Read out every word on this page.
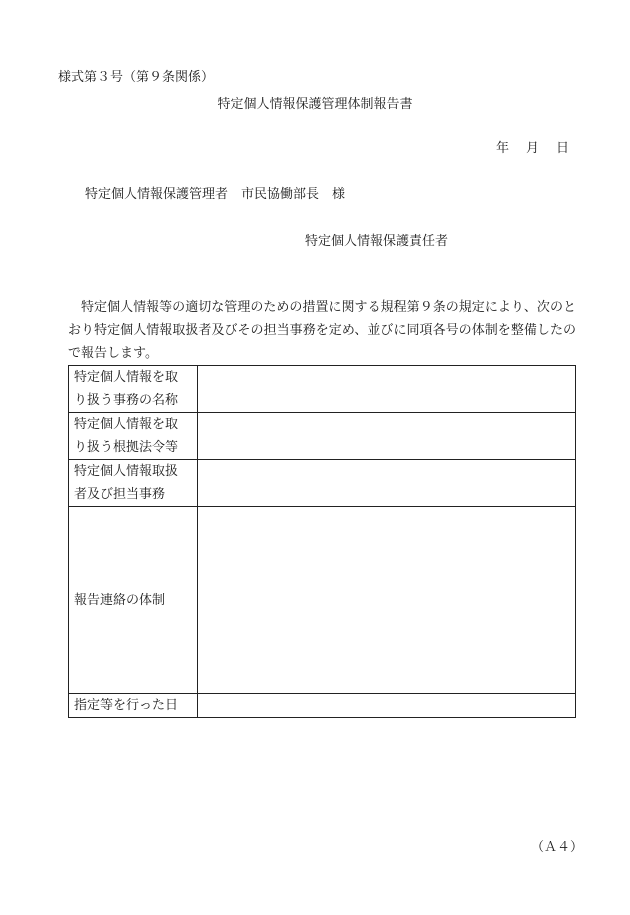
様式第３号（第９条関係）
特定個人情報保護管理体制報告書
年 月 日
特定個人情報保護管理者　市民協働部長　様
特定個人情報保護責任者
特定個人情報等の適切な管理のための措置に関する規程第９条の規定により、次のとおり特定個人情報取扱者及びその担当事務を定め、並びに同項各号の体制を整備したので報告します。
特定個人情報を取
り扱う事務の名称	

特定個人情報を取
り扱う根拠法令等	

特定個人情報取扱
者及び担当事務	

報告連絡の体制	

指定等を行った日	

（Ａ４）
